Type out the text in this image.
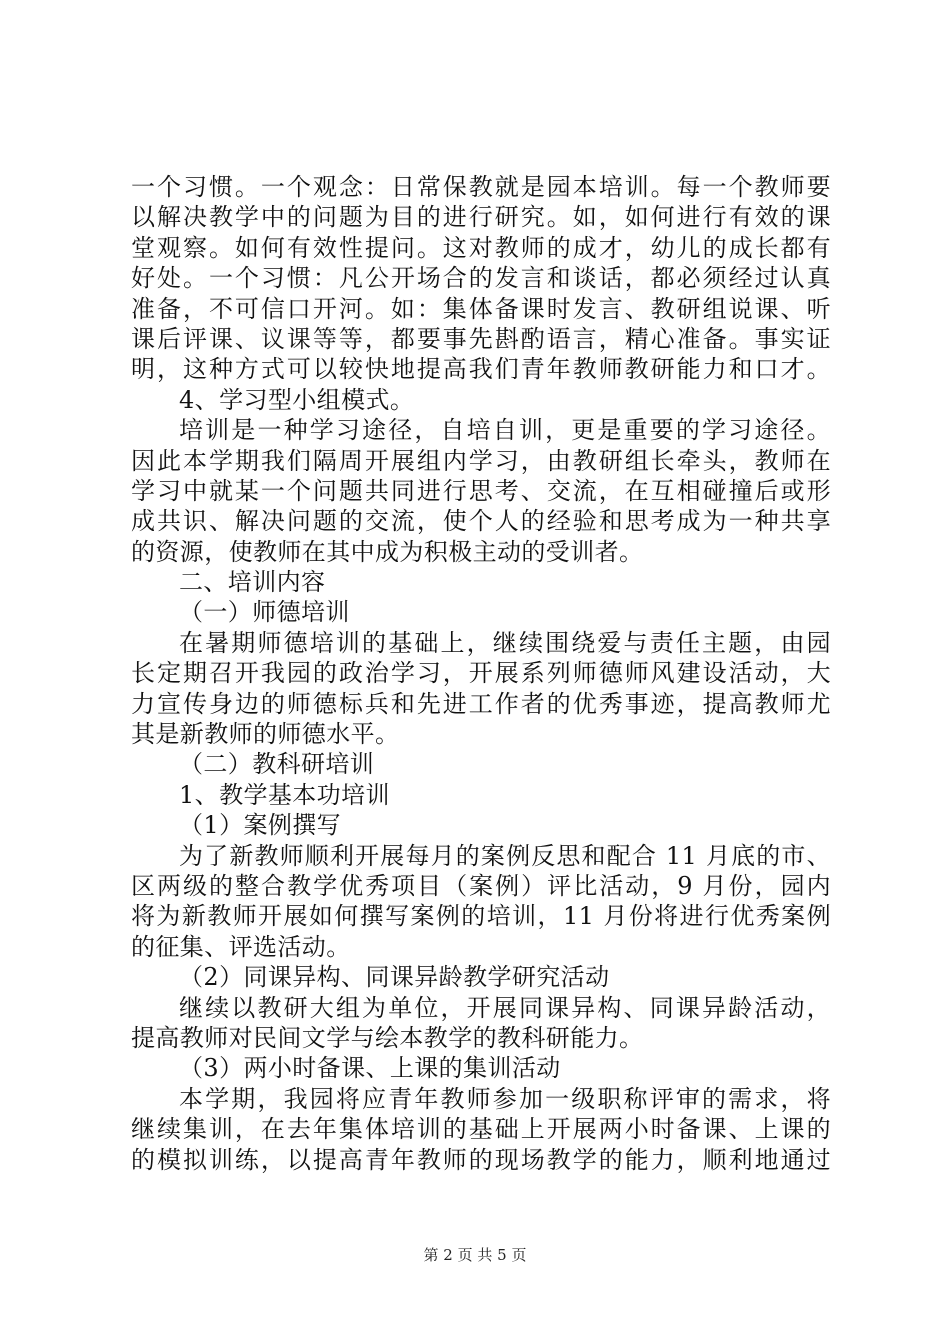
一个习惯。一个观念：日常保教就是园本培训。每一个教师要
以解决教学中的问题为目的进行研究。如，如何进行有效的课
堂观察。如何有效性提问。这对教师的成才，幼儿的成长都有
好处。一个习惯：凡公开场合的发言和谈话，都必须经过认真
准备，不可信口开河。如：集体备课时发言、教研组说课、听
课后评课、议课等等，都要事先斟酌语言，精心准备。事实证
明，这种方式可以较快地提高我们青年教师教研能力和口才。
4、学习型小组模式。
培训是一种学习途径，自培自训，更是重要的学习途径。
因此本学期我们隔周开展组内学习，由教研组长牵头，教师在
学习中就某一个问题共同进行思考、交流，在互相碰撞后或形
成共识、解决问题的交流，使个人的经验和思考成为一种共享
的资源，使教师在其中成为积极主动的受训者。
二、培训内容
（一）师德培训
在暑期师德培训的基础上，继续围绕爱与责任主题，由园
长定期召开我园的政治学习，开展系列师德师风建设活动，大
力宣传身边的师德标兵和先进工作者的优秀事迹，提高教师尤
其是新教师的师德水平。
（二）教科研培训
1、教学基本功培训
（1）案例撰写
为了新教师顺利开展每月的案例反思和配合 11 月底的市、
区两级的整合教学优秀项目（案例）评比活动，9 月份，园内
将为新教师开展如何撰写案例的培训，11 月份将进行优秀案例
的征集、评选活动。
（2）同课异构、同课异龄教学研究活动
继续以教研大组为单位，开展同课异构、同课异龄活动，
提高教师对民间文学与绘本教学的教科研能力。
（3）两小时备课、上课的集训活动
本学期，我园将应青年教师参加一级职称评审的需求，将
继续集训，在去年集体培训的基础上开展两小时备课、上课的
的模拟训练，以提高青年教师的现场教学的能力，顺利地通过
第 2 页 共 5 页
